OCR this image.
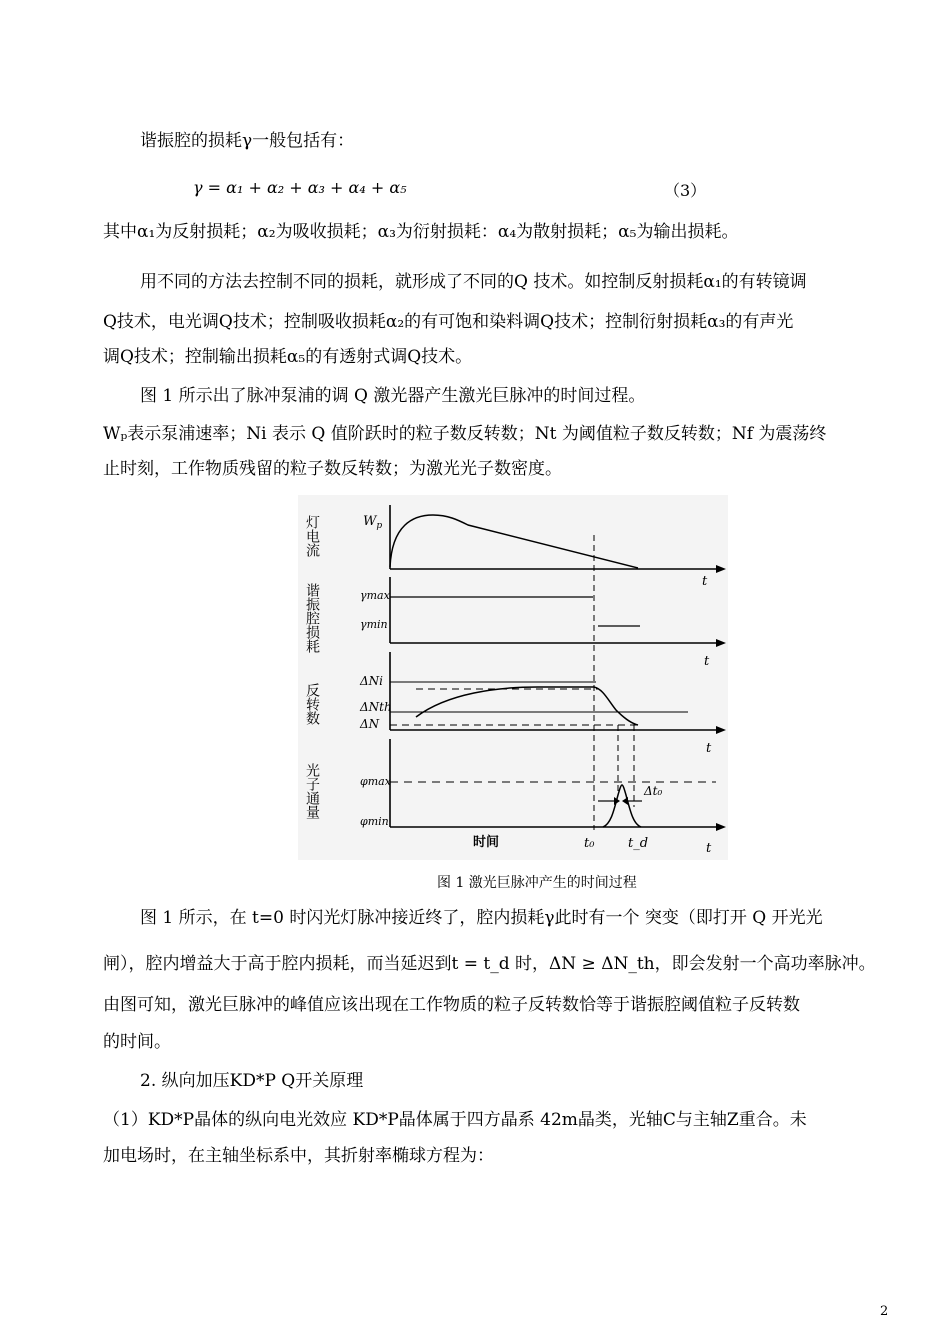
谐振腔的损耗γ一般包括有：
γ = α₁ + α₂ + α₃ + α₄ + α₅	（3）
其中α₁为反射损耗；α₂为吸收损耗；α₃为衍射损耗：α₄为散射损耗；α₅为输出损耗。
用不同的方法去控制不同的损耗，就形成了不同的Q 技术。如控制反射损耗α₁的有转镜调
Q技术，电光调Q技术；控制吸收损耗α₂的有可饱和染料调Q技术；控制衍射损耗α₃的有声光
调Q技术；控制输出损耗α₅的有透射式调Q技术。
图 1 所示出了脉冲泵浦的调 Q 激光器产生激光巨脉冲的时间过程。
Wₚ表示泵浦速率；Ni 表示 Q 值阶跃时的粒子数反转数；Nt 为阈值粒子数反转数；Nf 为震荡终
止时刻，工作物质残留的粒子数反转数；为激光光子数密度。
灯电流
谐振腔损耗
反转数
光子通量
t
t
t
t
$W_p$
γmax
γmin
ΔNi
ΔNth
ΔN
φmax
φmin
Δt₀
时间	t₀	t_d
图 1 激光巨脉冲产生的时间过程
图 1 所示，在 t=0 时闪光灯脉冲接近终了，腔内损耗γ此时有一个 突变（即打开 Q 开光光
闸），腔内增益大于高于腔内损耗，而当延迟到t = t_d 时，ΔN ≥ ΔN_th，即会发射一个高功率脉冲。
由图可知，激光巨脉冲的峰值应该出现在工作物质的粒子反转数恰等于谐振腔阈值粒子反转数
的时间。
2. 纵向加压KD*P Q开关原理
（1）KD*P晶体的纵向电光效应 KD*P晶体属于四方晶系 42m晶类，光轴C与主轴Z重合。未
加电场时，在主轴坐标系中，其折射率椭球方程为：
2
